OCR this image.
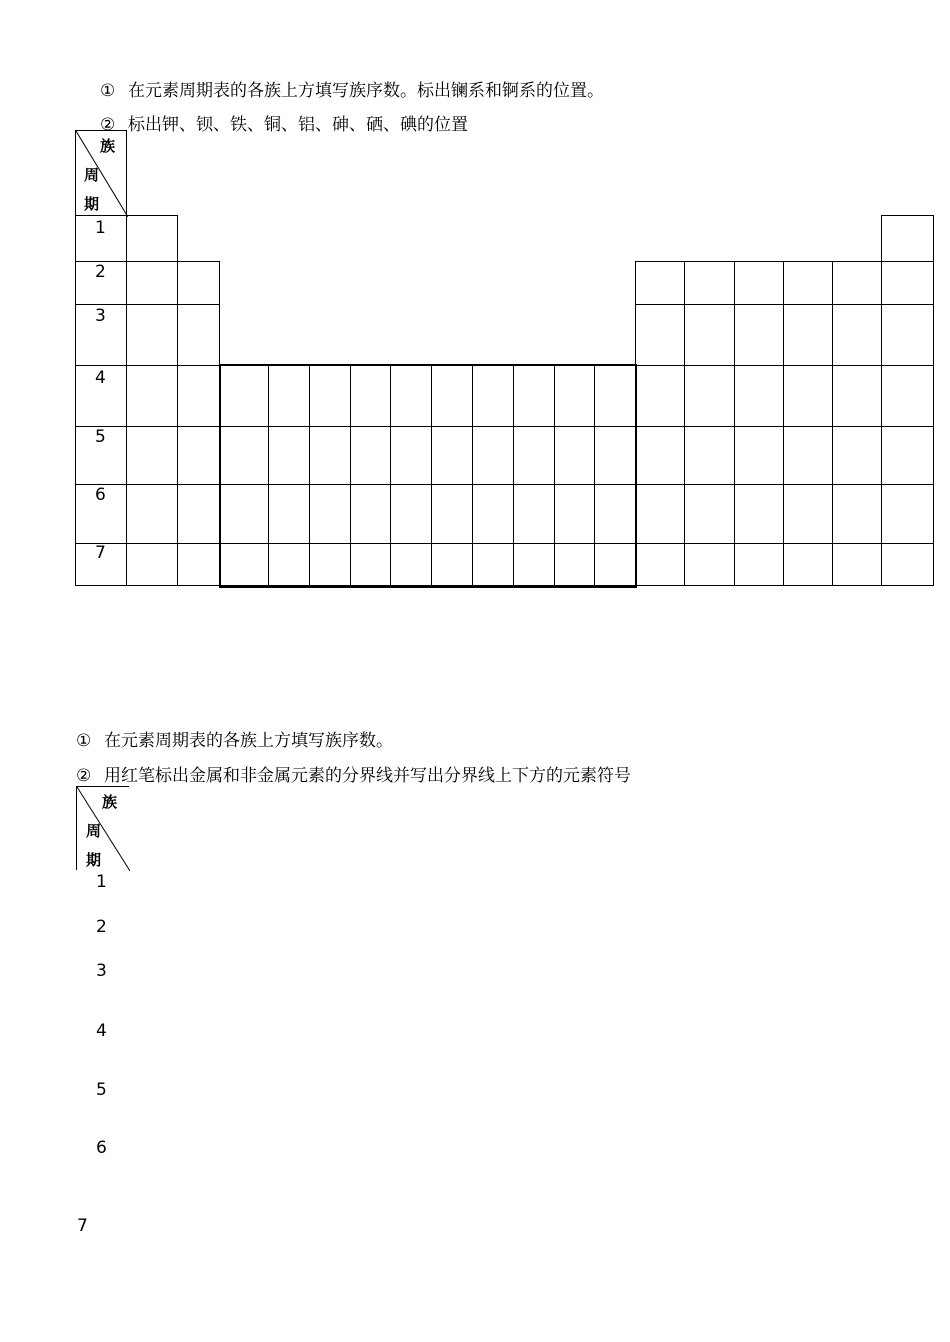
① 在元素周期表的各族上方填写族序数。标出镧系和锕系的位置。
② 标出钾、钡、铁、铜、铝、砷、硒、碘的位置
族
周
期
1
2
3
4
5
6
7
① 在元素周期表的各族上方填写族序数。
② 用红笔标出金属和非金属元素的分界线并写出分界线上下方的元素符号
族
周
期
1
2
3
4
5
6
7
